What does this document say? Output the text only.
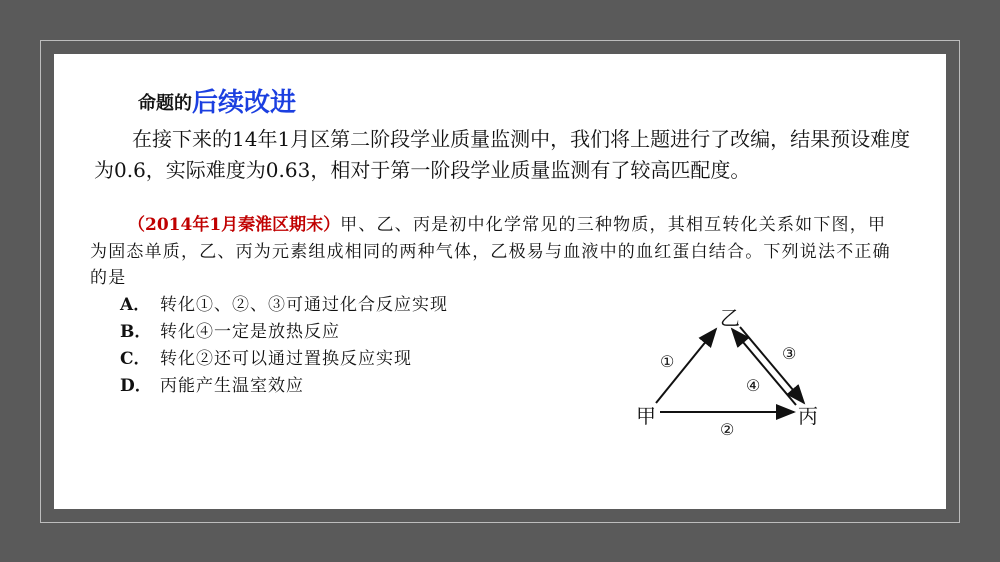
命题的后续改进
在接下来的14年1月区第二阶段学业质量监测中，我们将上题进行了改编，结果预设难度为0.6，实际难度为0.63，相对于第一阶段学业质量监测有了较高匹配度。
（2014年1月秦淮区期末）甲、乙、丙是初中化学常见的三种物质，其相互转化关系如下图，甲为固态单质，乙、丙为元素组成相同的两种气体，乙极易与血液中的血红蛋白结合。下列说法不正确的是
A． 转化①、②、③可通过化合反应实现
B． 转化④一定是放热反应
C． 转化②还可以通过置换反应实现
D． 丙能产生温室效应
乙
甲	丙
①
②
③
④
